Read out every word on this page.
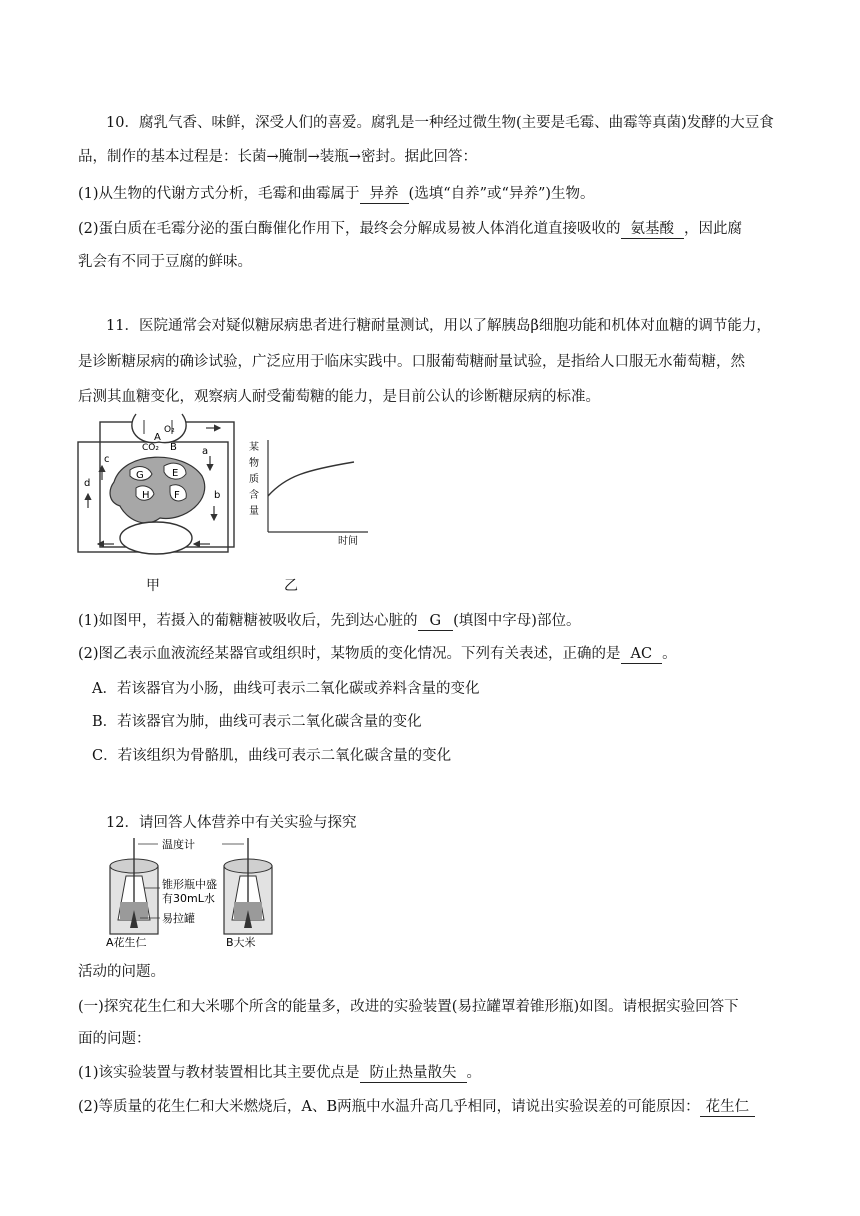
10．腐乳气香、味鲜，深受人们的喜爱。腐乳是一种经过微生物(主要是毛霉、曲霉等真菌)发酵的大豆食
品，制作的基本过程是：长菌→腌制→装瓶→密封。据此回答：
(1)从生物的代谢方式分析，毛霉和曲霉属于 异养 (选填“自养”或“异养”)生物。
(2)蛋白质在毛霉分泌的蛋白酶催化作用下，最终会分解成易被人体消化道直接吸收的 氨基酸 ，因此腐
乳会有不同于豆腐的鲜味。
11．医院通常会对疑似糖尿病患者进行糖耐量测试，用以了解胰岛β细胞功能和机体对血糖的调节能力，
是诊断糖尿病的确诊试验，广泛应用于临床实践中。口服葡萄糖耐量试验，是指给人口服无水葡萄糖，然
后测其血糖变化，观察病人耐受葡萄糖的能力，是目前公认的诊断糖尿病的标准。
O₂
CO₂
A
B
E
G
H F
a
b
c
d
某
物
质
含
量
时间
甲	乙
(1)如图甲，若摄入的葡糖糖被吸收后，先到达心脏的 G (填图中字母)部位。
(2)图乙表示血液流经某器官或组织时，某物质的变化情况。下列有关表述，正确的是 AC 。
A．若该器官为小肠，曲线可表示二氧化碳或养料含量的变化
B．若该器官为肺，曲线可表示二氧化碳含量的变化
C．若该组织为骨骼肌，曲线可表示二氧化碳含量的变化
12．请回答人体营养中有关实验与探究
温度计
锥形瓶中盛
有30mL水
易拉罐
A花生仁	B大米
活动的问题。
(一)探究花生仁和大米哪个所含的能量多，改进的实验装置(易拉罐罩着锥形瓶)如图。请根据实验回答下
面的问题：
(1)该实验装置与教材装置相比其主要优点是 防止热量散失 。
(2)等质量的花生仁和大米燃烧后，A、B两瓶中水温升高几乎相同，请说出实验误差的可能原因： 花生仁
